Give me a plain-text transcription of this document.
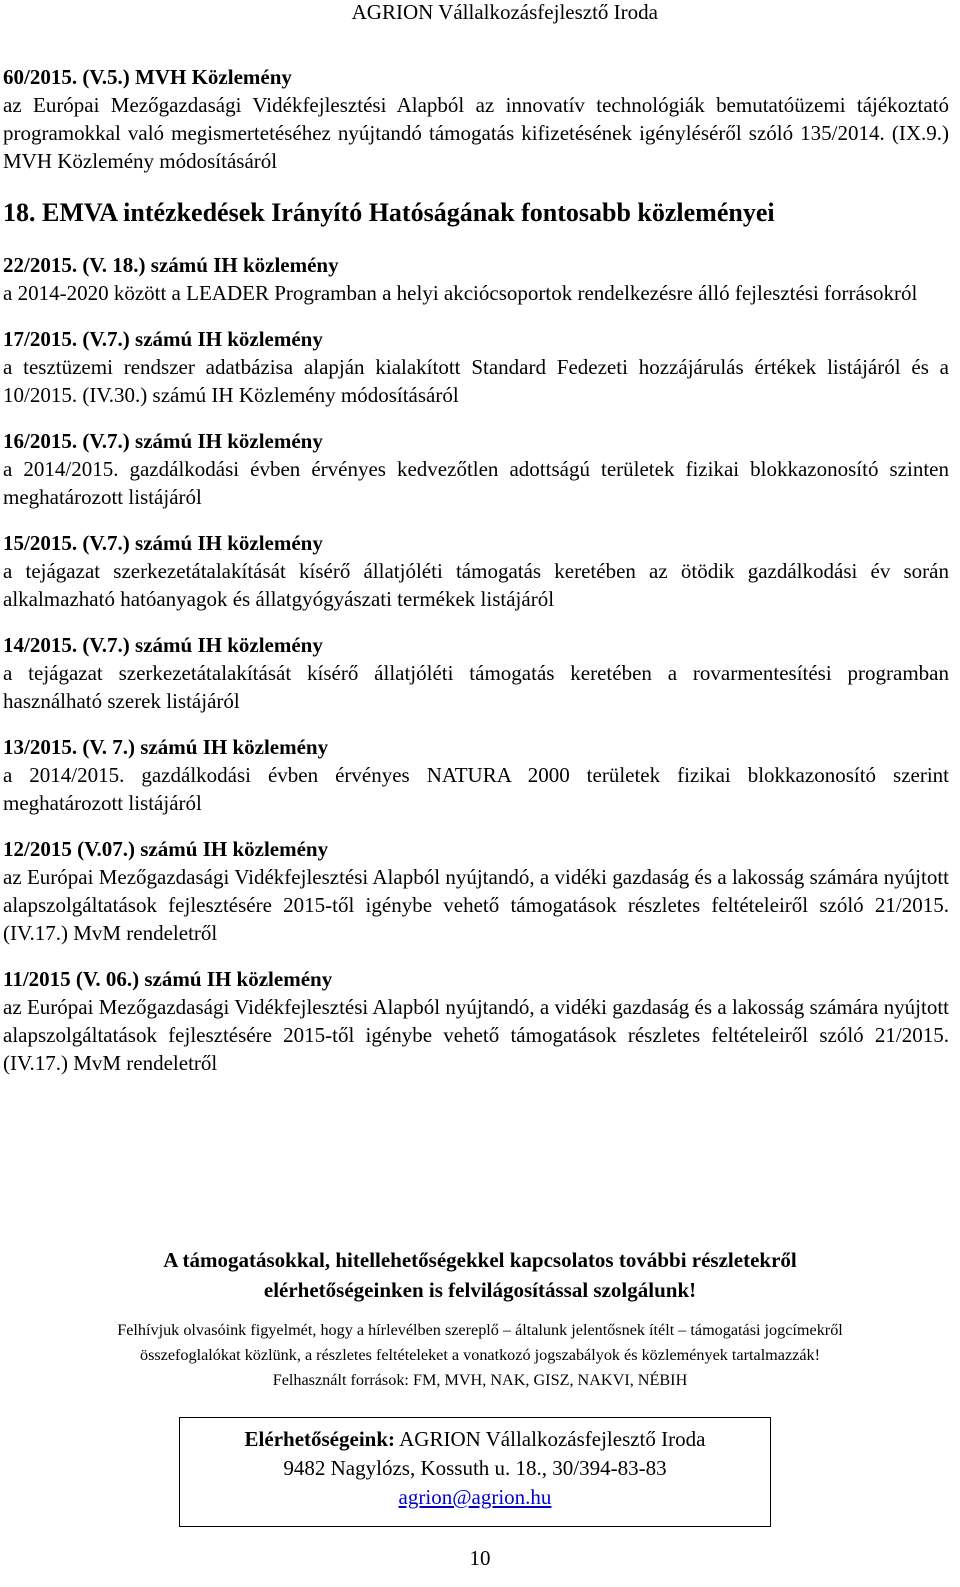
AGRION Vállalkozásfejlesztő Iroda
60/2015. (V.5.) MVH Közlemény
az Európai Mezőgazdasági Vidékfejlesztési Alapból az innovatív technológiák bemutatóüzemi tájékoztató programokkal való megismertetéséhez nyújtandó támogatás kifizetésének igényléséről szóló 135/2014. (IX.9.) MVH Közlemény módosításáról
18. EMVA intézkedések Irányító Hatóságának fontosabb közleményei
22/2015. (V. 18.) számú IH közlemény
a 2014-2020 között a LEADER Programban a helyi akciócsoportok rendelkezésre álló fejlesztési forrásokról
17/2015. (V.7.) számú IH közlemény
a tesztüzemi rendszer adatbázisa alapján kialakított Standard Fedezeti hozzájárulás értékek listájáról és a 10/2015. (IV.30.) számú IH Közlemény módosításáról
16/2015. (V.7.) számú IH közlemény
a 2014/2015. gazdálkodási évben érvényes kedvezőtlen adottságú területek fizikai blokkazonosító szinten meghatározott listájáról
15/2015. (V.7.) számú IH közlemény
a tejágazat szerkezetátalakítását kísérő állatjóléti támogatás keretében az ötödik gazdálkodási év során alkalmazható hatóanyagok és állatgyógyászati termékek listájáról
14/2015. (V.7.) számú IH közlemény
a tejágazat szerkezetátalakítását kísérő állatjóléti támogatás keretében a rovarmentesítési programban használható szerek listájáról
13/2015. (V. 7.) számú IH közlemény
a 2014/2015. gazdálkodási évben érvényes NATURA 2000 területek fizikai blokkazonosító szerint meghatározott listájáról
12/2015 (V.07.) számú IH közlemény
az Európai Mezőgazdasági Vidékfejlesztési Alapból nyújtandó, a vidéki gazdaság és a lakosság számára nyújtott alapszolgáltatások fejlesztésére 2015-től igénybe vehető támogatások részletes feltételeiről szóló 21/2015. (IV.17.) MvM rendeletről
11/2015 (V. 06.) számú IH közlemény
az Európai Mezőgazdasági Vidékfejlesztési Alapból nyújtandó, a vidéki gazdaság és a lakosság számára nyújtott alapszolgáltatások fejlesztésére 2015-től igénybe vehető támogatások részletes feltételeiről szóló 21/2015. (IV.17.) MvM rendeletről
A támogatásokkal, hitellehetőségekkel kapcsolatos további részletekről
elérhetőségeinken is felvilágosítással szolgálunk!
Felhívjuk olvasóink figyelmét, hogy a hírlevélben szereplő – általunk jelentősnek ítélt – támogatási jogcímekről
összefoglalókat közlünk, a részletes feltételeket a vonatkozó jogszabályok és közlemények tartalmazzák!
Felhasznált források: FM, MVH, NAK, GISZ, NAKVI, NÉBIH
Elérhetőségeink: AGRION Vállalkozásfejlesztő Iroda
9482 Nagylózs, Kossuth u. 18., 30/394-83-83
agrion@agrion.hu
10
